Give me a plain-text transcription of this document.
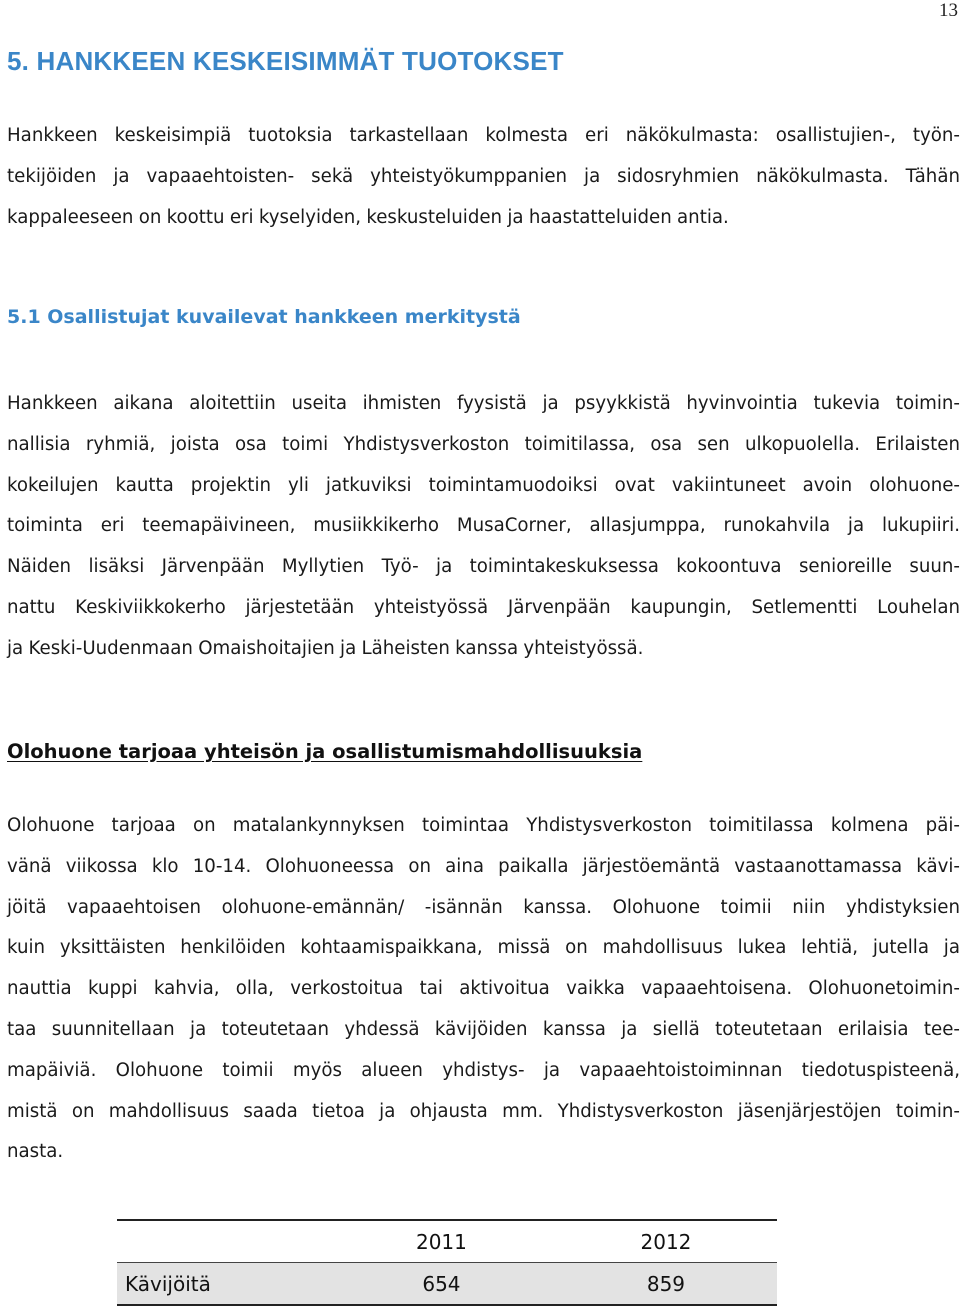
13
5. HANKKEEN KESKEISIMMÄT TUOTOKSET
Hankkeen keskeisimpiä tuotoksia tarkastellaan kolmesta eri näkökulmasta: osallistujien-, työn-
tekijöiden ja vapaaehtoisten- sekä yhteistyökumppanien ja sidosryhmien näkökulmasta. Tähän
kappaleeseen on koottu eri kyselyiden, keskusteluiden ja haastatteluiden antia.
5.1 Osallistujat kuvailevat hankkeen merkitystä
Hankkeen aikana aloitettiin useita ihmisten fyysistä ja psyykkistä hyvinvointia tukevia toimin-
nallisia ryhmiä, joista osa toimi Yhdistysverkoston toimitilassa, osa sen ulkopuolella. Erilaisten
kokeilujen kautta projektin yli jatkuviksi toimintamuodoiksi ovat vakiintuneet avoin olohuone-
toiminta eri teemapäivineen, musiikkikerho MusaCorner, allasjumppa, runokahvila ja lukupiiri.
Näiden lisäksi Järvenpään Myllytien Työ- ja toimintakeskuksessa kokoontuva senioreille suun-
nattu Keskiviikkokerho järjestetään yhteistyössä Järvenpään kaupungin, Setlementti Louhelan
ja Keski-Uudenmaan Omaishoitajien ja Läheisten kanssa yhteistyössä.
Olohuone tarjoaa yhteisön ja osallistumismahdollisuuksia
Olohuone tarjoaa on matalankynnyksen toimintaa Yhdistysverkoston toimitilassa kolmena päi-
vänä viikossa klo 10-14. Olohuoneessa on aina paikalla järjestöemäntä vastaanottamassa kävi-
jöitä vapaaehtoisen olohuone-emännän/ -isännän kanssa. Olohuone toimii niin yhdistyksien
kuin yksittäisten henkilöiden kohtaamispaikkana, missä on mahdollisuus lukea lehtiä, jutella ja
nauttia kuppi kahvia, olla, verkostoitua tai aktivoitua vaikka vapaaehtoisena. Olohuonetoimin-
taa suunnitellaan ja toteutetaan yhdessä kävijöiden kanssa ja siellä toteutetaan erilaisia tee-
mapäiviä. Olohuone toimii myös alueen yhdistys- ja vapaaehtoistoiminnan tiedotuspisteenä,
mistä on mahdollisuus saada tietoa ja ohjausta mm. Yhdistysverkoston jäsenjärjestöjen toimin-
nasta.
	2011	2012
Kävijöitä	654	859
